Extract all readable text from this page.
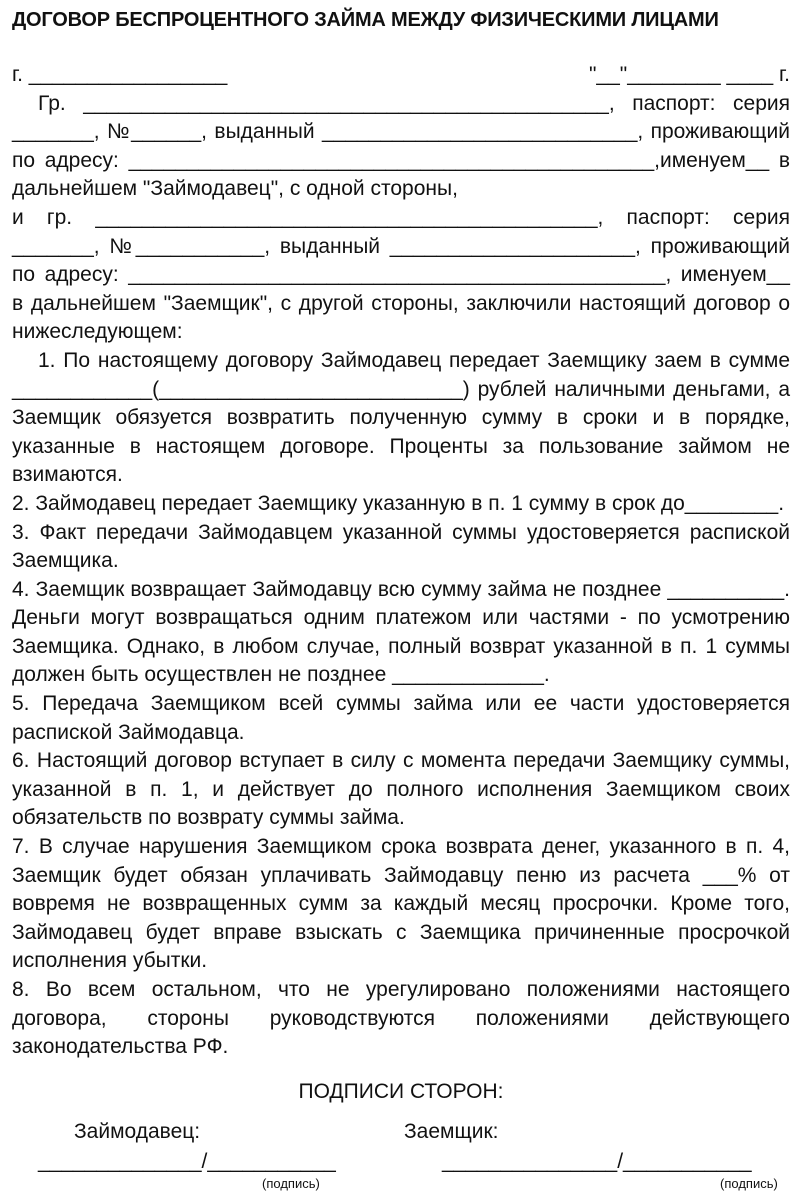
ДОГОВОР БЕСПРОЦЕНТНОГО ЗАЙМА МЕЖДУ ФИЗИЧЕСКИМИ ЛИЦАМИ
г. _________________	"__"________ ____ г.

Гр. _____________________________________________, паспорт: серия _______, №______, выданный ___________________________, проживающий по адресу: _____________________________________________,именуем__ в дальнейшем "Займодавец", с одной стороны,

и гр. ___________________________________________, паспорт: серия _______, №___________, выданный _____________________, проживающий по адресу: ______________________________________________, именуем__ в дальнейшем "Заемщик", с другой стороны, заключили настоящий договор о нижеследующем:

1. По настоящему договору Займодавец передает Заемщику заем в сумме ____________(__________________________) рублей наличными деньгами, а Заемщик обязуется возвратить полученную сумму в сроки и в порядке, указанные в настоящем договоре. Проценты за пользование займом не взимаются.

2. Займодавец передает Заемщику указанную в п. 1 сумму в срок до________.

3. Факт передачи Займодавцем указанной суммы удостоверяется распиской Заемщика.

4. Заемщик возвращает Займодавцу всю сумму займа не позднее __________. Деньги могут возвращаться одним платежом или частями - по усмотрению Заемщика. Однако, в любом случае, полный возврат указанной в п. 1 суммы должен быть осуществлен не позднее _____________.

5. Передача Заемщиком всей суммы займа или ее части удостоверяется распиской Займодавца.

6. Настоящий договор вступает в силу с момента передачи Заемщику суммы, указанной в п. 1, и действует до полного исполнения Заемщиком своих обязательств по возврату суммы займа.

7. В случае нарушения Заемщиком срока возврата денег, указанного в п. 4, Заемщик будет обязан уплачивать Займодавцу пеню из расчета ___% от вовремя не возвращенных сумм за каждый месяц просрочки. Кроме того, Займодавец будет вправе взыскать с Заемщика причиненные просрочкой исполнения убытки.

8. Во всем остальном, что не урегулировано положениями настоящего договора, стороны руководствуются положениями действующего законодательства РФ.

ПОДПИСИ СТОРОН:
Займодавец:	Заемщик:
______________/___________	_______________/___________
(подпись)	(подпись)
